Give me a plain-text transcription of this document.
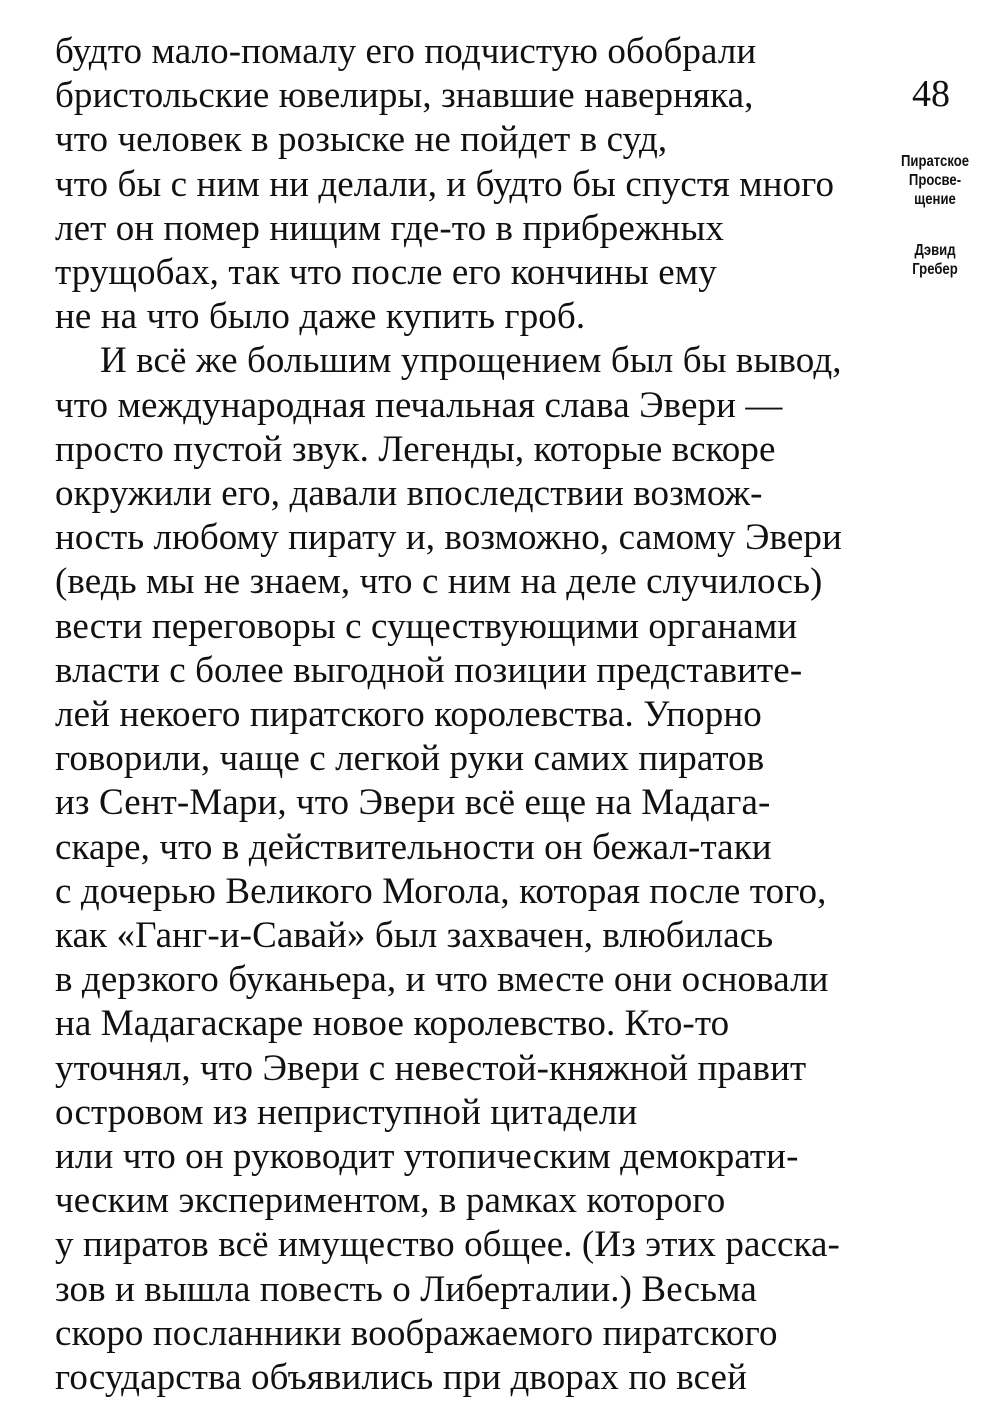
будто мало-помалу его подчистую обобрали
бристольские ювелиры, знавшие наверняка,
что человек в розыске не пойдет в суд,
что бы с ним ни делали, и будто бы спустя много
лет он помер нищим где-то в прибрежных
трущобах, так что после его кончины ему
не на что было даже купить гроб.
И всё же большим упрощением был бы вывод,
что международная печальная слава Эвери —
просто пустой звук. Легенды, которые вскоре
окружили его, давали впоследствии возмож-
ность любому пирату и, возможно, самому Эвери
(ведь мы не знаем, что с ним на деле случилось)
вести переговоры с существующими органами
власти с более выгодной позиции представите-
лей некоего пиратского королевства. Упорно
говорили, чаще с легкой руки самих пиратов
из Сент-Мари, что Эвери всё еще на Мадага-
скаре, что в действительности он бежал-таки
с дочерью Великого Могола, которая после того,
как «Ганг-и-Савай» был захвачен, влюбилась
в дерзкого буканьера, и что вместе они основали
на Мадагаскаре новое королевство. Кто-то
уточнял, что Эвери с невестой-княжной правит
островом из неприступной цитадели
или что он руководит утопическим демократи-
ческим экспериментом, в рамках которого
у пиратов всё имущество общее. (Из этих расска-
зов и вышла повесть о Либерталии.) Весьма
скоро посланники воображаемого пиратского
государства объявились при дворах по всей
48
Пиратское
Просве-
щение
Дэвид
Гребер
